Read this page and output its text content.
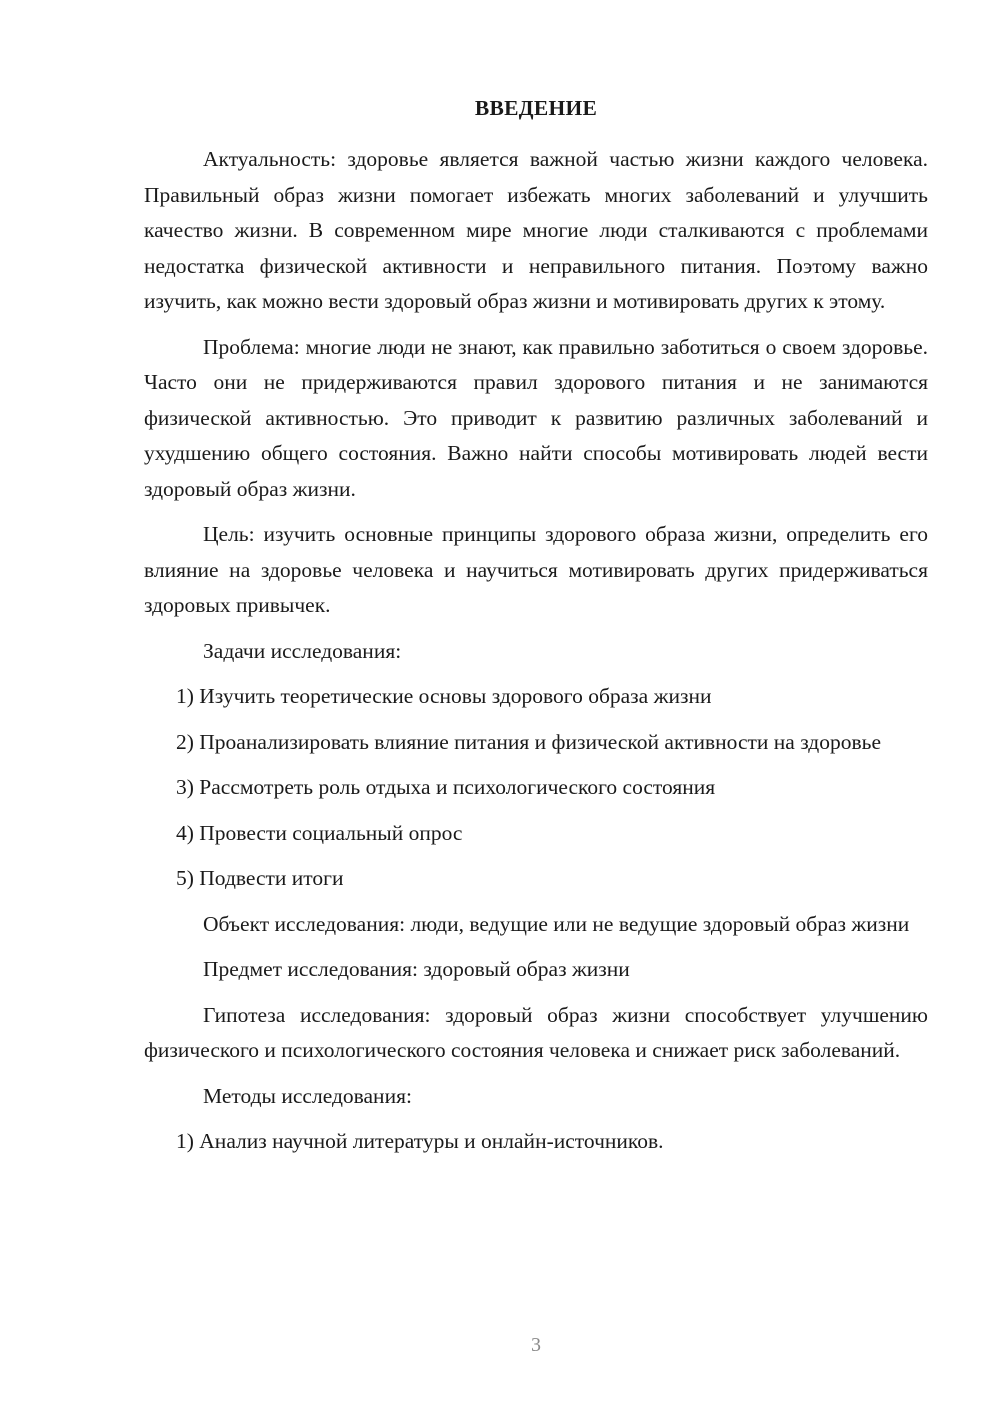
ВВЕДЕНИЕ

Актуальность: здоровье является важной частью жизни каждого человека. Правильный образ жизни помогает избежать многих заболеваний и улучшить качество жизни. В современном мире многие люди сталкиваются с проблемами недостатка физической активности и неправильного питания. Поэтому важно изучить, как можно вести здоровый образ жизни и мотивировать других к этому.

Проблема: многие люди не знают, как правильно заботиться о своем здоровье. Часто они не придерживаются правил здорового питания и не занимаются физической активностью. Это приводит к развитию различных заболеваний и ухудшению общего состояния. Важно найти способы мотивировать людей вести здоровый образ жизни.

Цель: изучить основные принципы здорового образа жизни, определить его влияние на здоровье человека и научиться мотивировать других придерживаться здоровых привычек.

Задачи исследования:

1) Изучить теоретические основы здорового образа жизни

2) Проанализировать влияние питания и физической активности на здоровье

3) Рассмотреть роль отдыха и психологического состояния

4) Провести социальный опрос

5) Подвести итоги

Объект исследования: люди, ведущие или не ведущие здоровый образ жизни

Предмет исследования: здоровый образ жизни

Гипотеза исследования: здоровый образ жизни способствует улучшению физического и психологического состояния человека и снижает риск заболеваний.

Методы исследования:

1) Анализ научной литературы и онлайн-источников.

3
